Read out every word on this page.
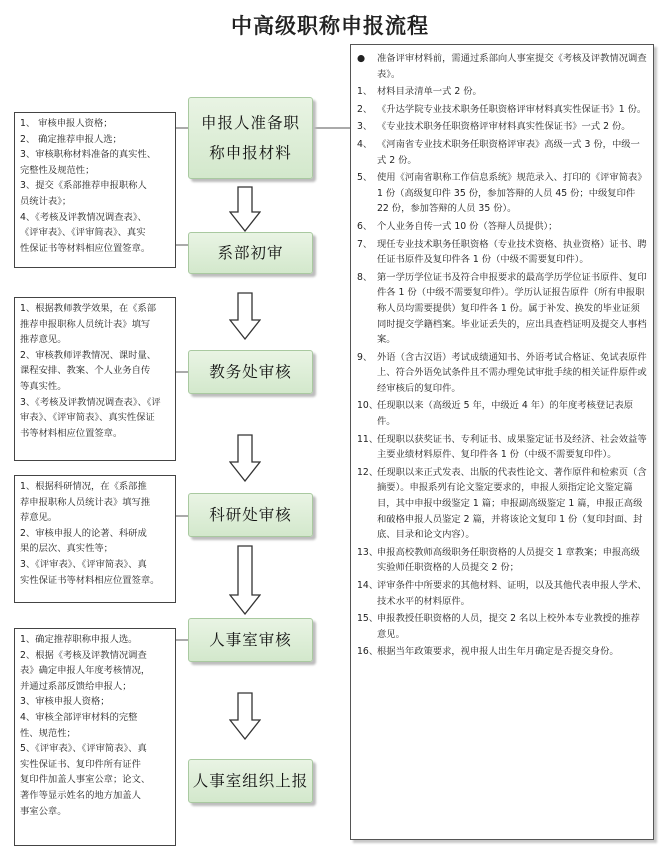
中高级职称申报流程
1、 审核申报人资格；
2、 确定推荐申报人选；
3、审核职称材料准备的真实性、
完整性及规范性；
3、提交《系部推荐申报职称人
员统计表》；
4、《考核及评教情况调查表》、
《评审表》、《评审简表》、真实
性保证书等材料相应位置签章。
1、根据教师教学效果，在《系部
推荐申报职称人员统计表》填写
推荐意见。
2、审核教师评教情况、课时量、
课程安排、教案、个人业务自传
等真实性。
3、《考核及评教情况调查表》、《评
审表》、《评审简表》、真实性保证
书等材料相应位置签章。
1、根据科研情况，在《系部推
荐申报职称人员统计表》填写推
荐意见。
2、审核申报人的论著、科研成
果的层次、真实性等；
3、《评审表》、《评审简表》、真
实性保证书等材料相应位置签章。
1、确定推荐职称申报人选。
2、根据《考核及评教情况调查
表》确定申报人年度考核情况，
并通过系部反馈给申报人；
3、审核申报人资格；
4、审核全部评审材料的完整
性、规范性；
5、《评审表》、《评审简表》、真
实性保证书、复印件所有证件
复印件加盖人事室公章；论文、
著作等显示姓名的地方加盖人
事室公章。
申报人准备职
称申报材料
系部初审
教务处审核
科研处审核
人事室审核
人事室组织上报
●	准备评审材料前，需通过系部向人事室提交《考核及评教情况调查表》。
1、 材料目录清单一式 2 份。
2、 《升达学院专业技术职务任职资格评审材料真实性保证书》1 份。
3、 《专业技术职务任职资格评审材料真实性保证书》一式 2 份。
4、 《河南省专业技术职务任职资格评审表》高级一式 3 份，中级一式 2 份。
5、 使用《河南省职称工作信息系统》规范录入、打印的《评审简表》1 份（高级复印件 35 份，参加答辩的人员 45 份；中级复印件 22 份，参加答辩的人员 35 份）。
6、 个人业务自传一式 10 份（答辩人员提供）；
7、 现任专业技术职务任职资格（专业技术资格、执业资格）证书、聘任证书原件及复印件各 1 份（中级不需要复印件）。
8、 第一学历学位证书及符合申报要求的最高学历学位证书原件、复印件各 1 份（中级不需要复印件）。学历认证报告原件（所有申报职称人员均需要提供）复印件各 1 份。属于补发、换发的毕业证须同时提交学籍档案。毕业证丢失的，应出具查档证明及提交人事档案。
9、 外语（含古汉语）考试成绩通知书、外语考试合格证、免试表原件上、符合外语免试条件且不需办理免试审批手续的相关证件原件或经审核后的复印件。
10、
任现职以来（高级近 5 年，中级近 4 年）的年度考核登记表原件。
11、
任现职以获奖证书、专利证书、成果鉴定证书及经济、社会效益等主要业绩材料原件、复印件各 1 份（中级不需要复印件）。
12、
任现职以来正式发表、出版的代表性论文、著作原件和检索页（含摘要）。申报系列有论文鉴定要求的，申报人须指定论文鉴定篇目，其中申报中级鉴定 1 篇；申报副高级鉴定 1 篇，申报正高级和破格申报人员鉴定 2 篇，并将该论文复印 1 份（复印封面、封底、目录和论文内容）。
13、
申报高校教师高级职务任职资格的人员提交 1 章教案；申报高级实验师任职资格的人员提交 2 份；
14、
评审条件中所要求的其他材料、证明，以及其他代表申报人学术、技术水平的材料原件。
15、
申报教授任职资格的人员，提交 2 名以上校外本专业教授的推荐意见。
16、
根据当年政策要求，视申报人出生年月确定是否提交身份。
